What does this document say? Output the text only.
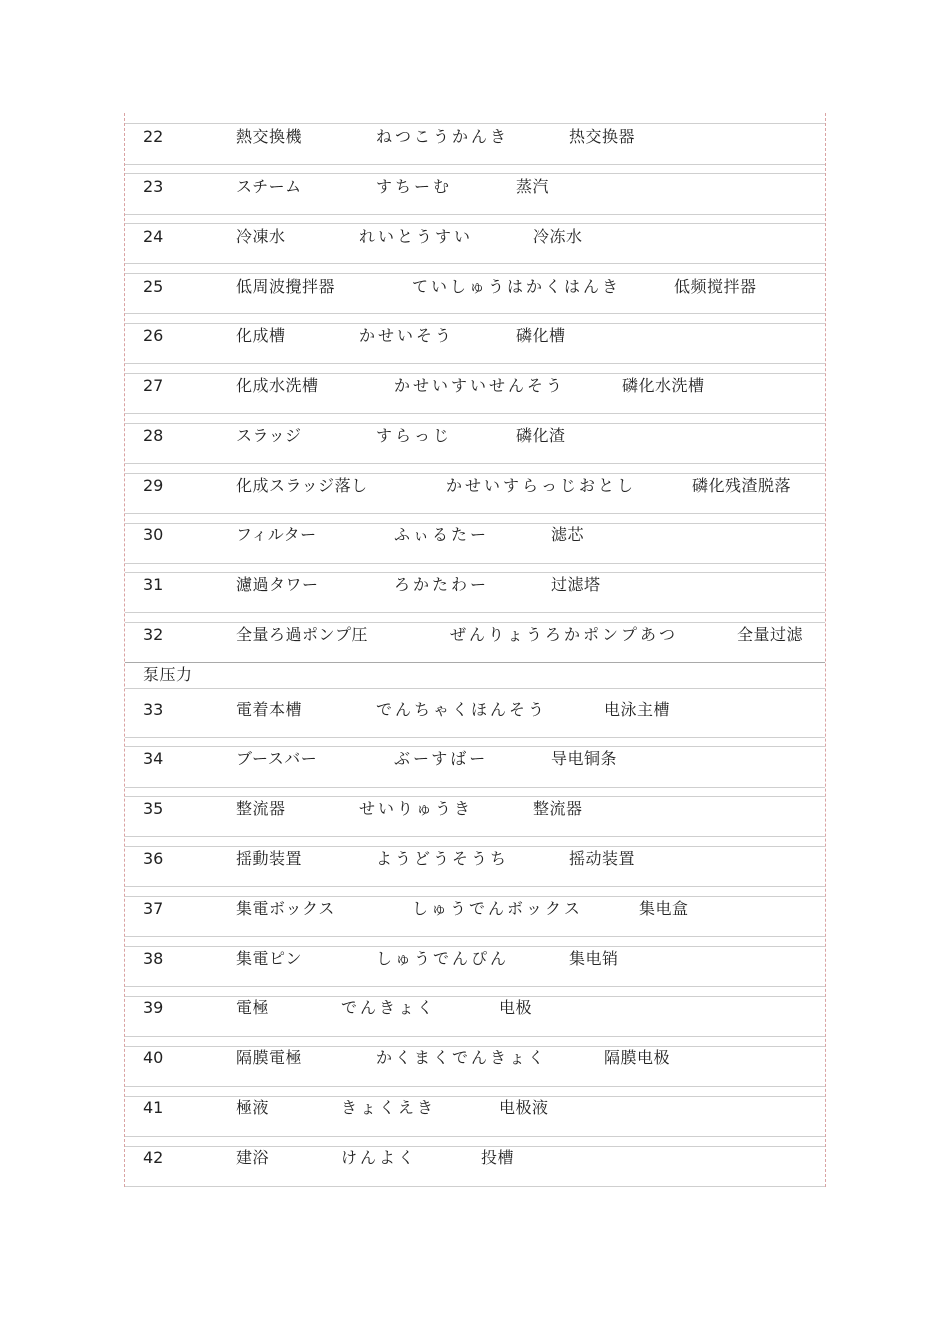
22	熱交換機	ねつこうかんき	热交换器
23	スチーム	すちーむ	蒸汽
24	冷凍水	れいとうすい	冷冻水
25	低周波攪拌器	ていしゅうはかくはんき	低频搅拌器
26	化成槽	かせいそう	磷化槽
27	化成水洗槽	かせいすいせんそう	磷化水洗槽
28	スラッジ	すらっじ	磷化渣
29	化成スラッジ落し	かせいすらっじおとし	磷化残渣脱落
30	フィルター	ふぃるたー	滤芯
31	濾過タワー	ろかたわー	过滤塔
32	全量ろ過ポンプ圧	ぜんりょうろかポンプあつ	全量过滤
泵压力
33	電着本槽	でんちゃくほんそう	电泳主槽
34	ブースバー	ぶーすばー	导电铜条
35	整流器	せいりゅうき	整流器
36	揺動装置	ようどうそうち	摇动装置
37	集電ボックス	しゅうでんボックス	集电盒
38	集電ピン	しゅうでんぴん	集电销
39	電極	でんきょく	电极
40	隔膜電極	かくまくでんきょく	隔膜电极
41	極液	きょくえき	电极液
42	建浴	けんよく	投槽
